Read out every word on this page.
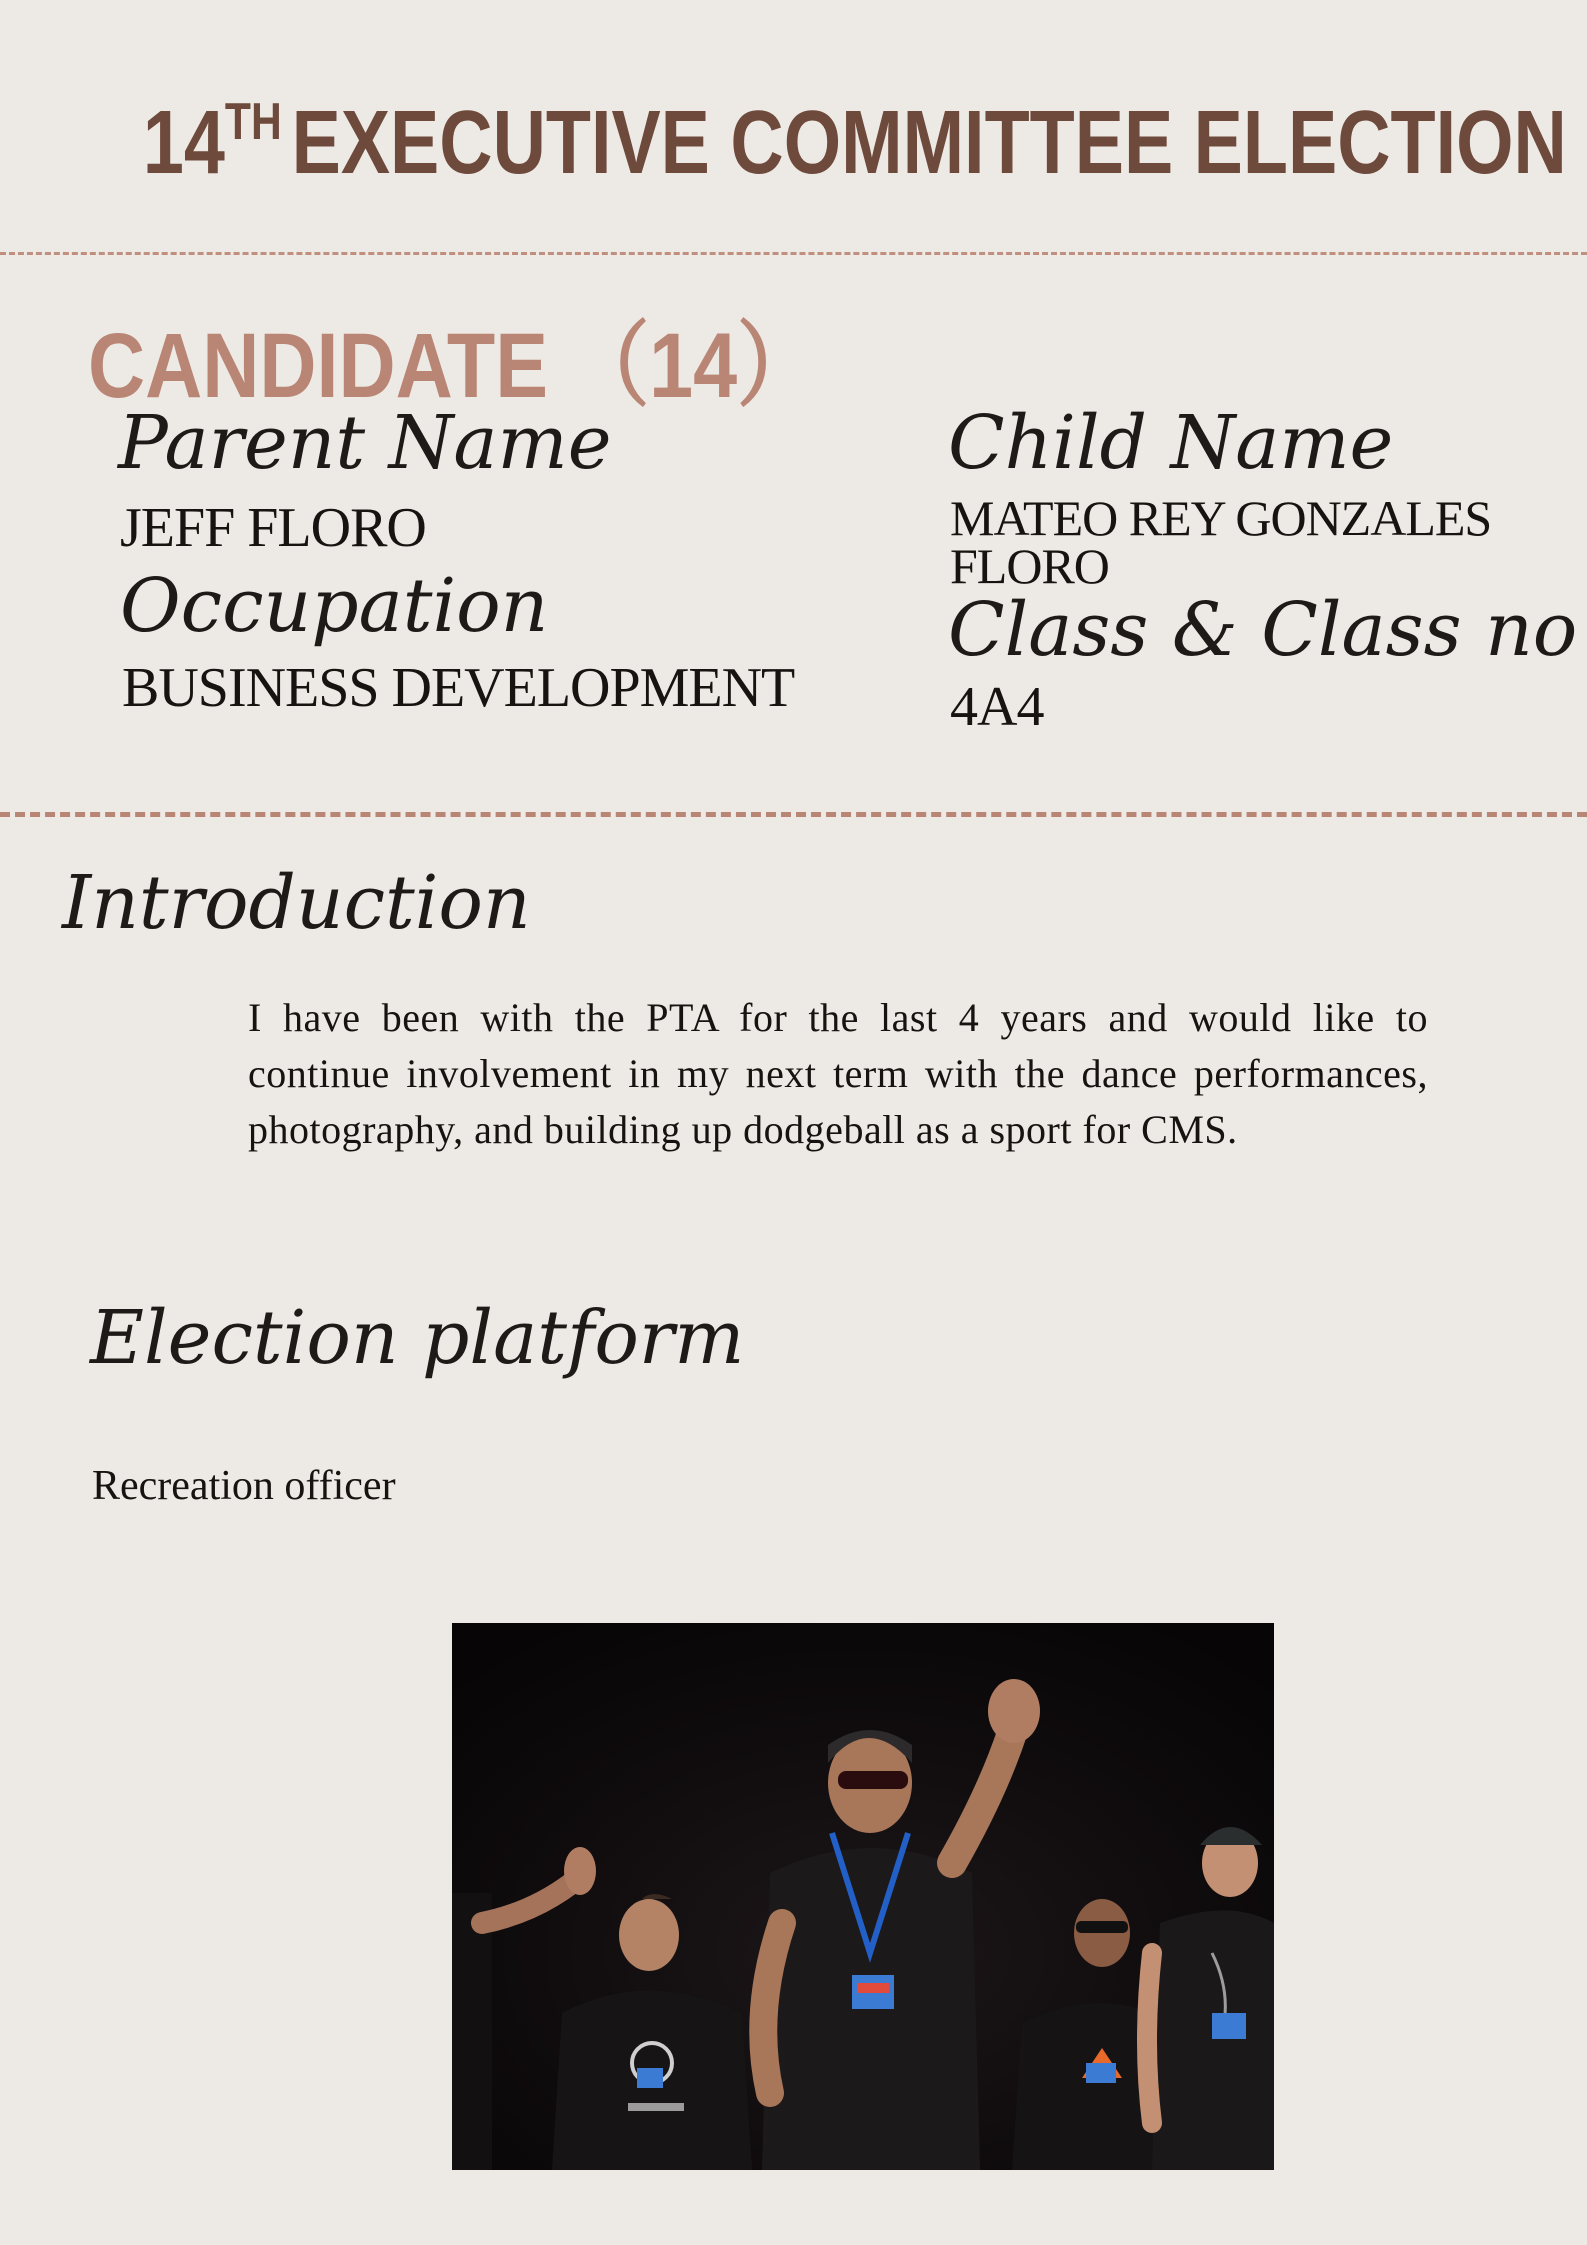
14TH EXECUTIVE COMMITTEE ELECTION
CANDIDATE （14）
Parent Name
JEFF FLORO
Occupation
BUSINESS DEVELOPMENT
Child Name
MATEO REY GONZALES FLORO
Class & Class no
4A4
Introduction
I have been with the PTA for the last 4 years and would like to continue involvement in my next term with the dance performances, photography, and building up dodgeball as a sport for CMS.
Election platform
Recreation officer
